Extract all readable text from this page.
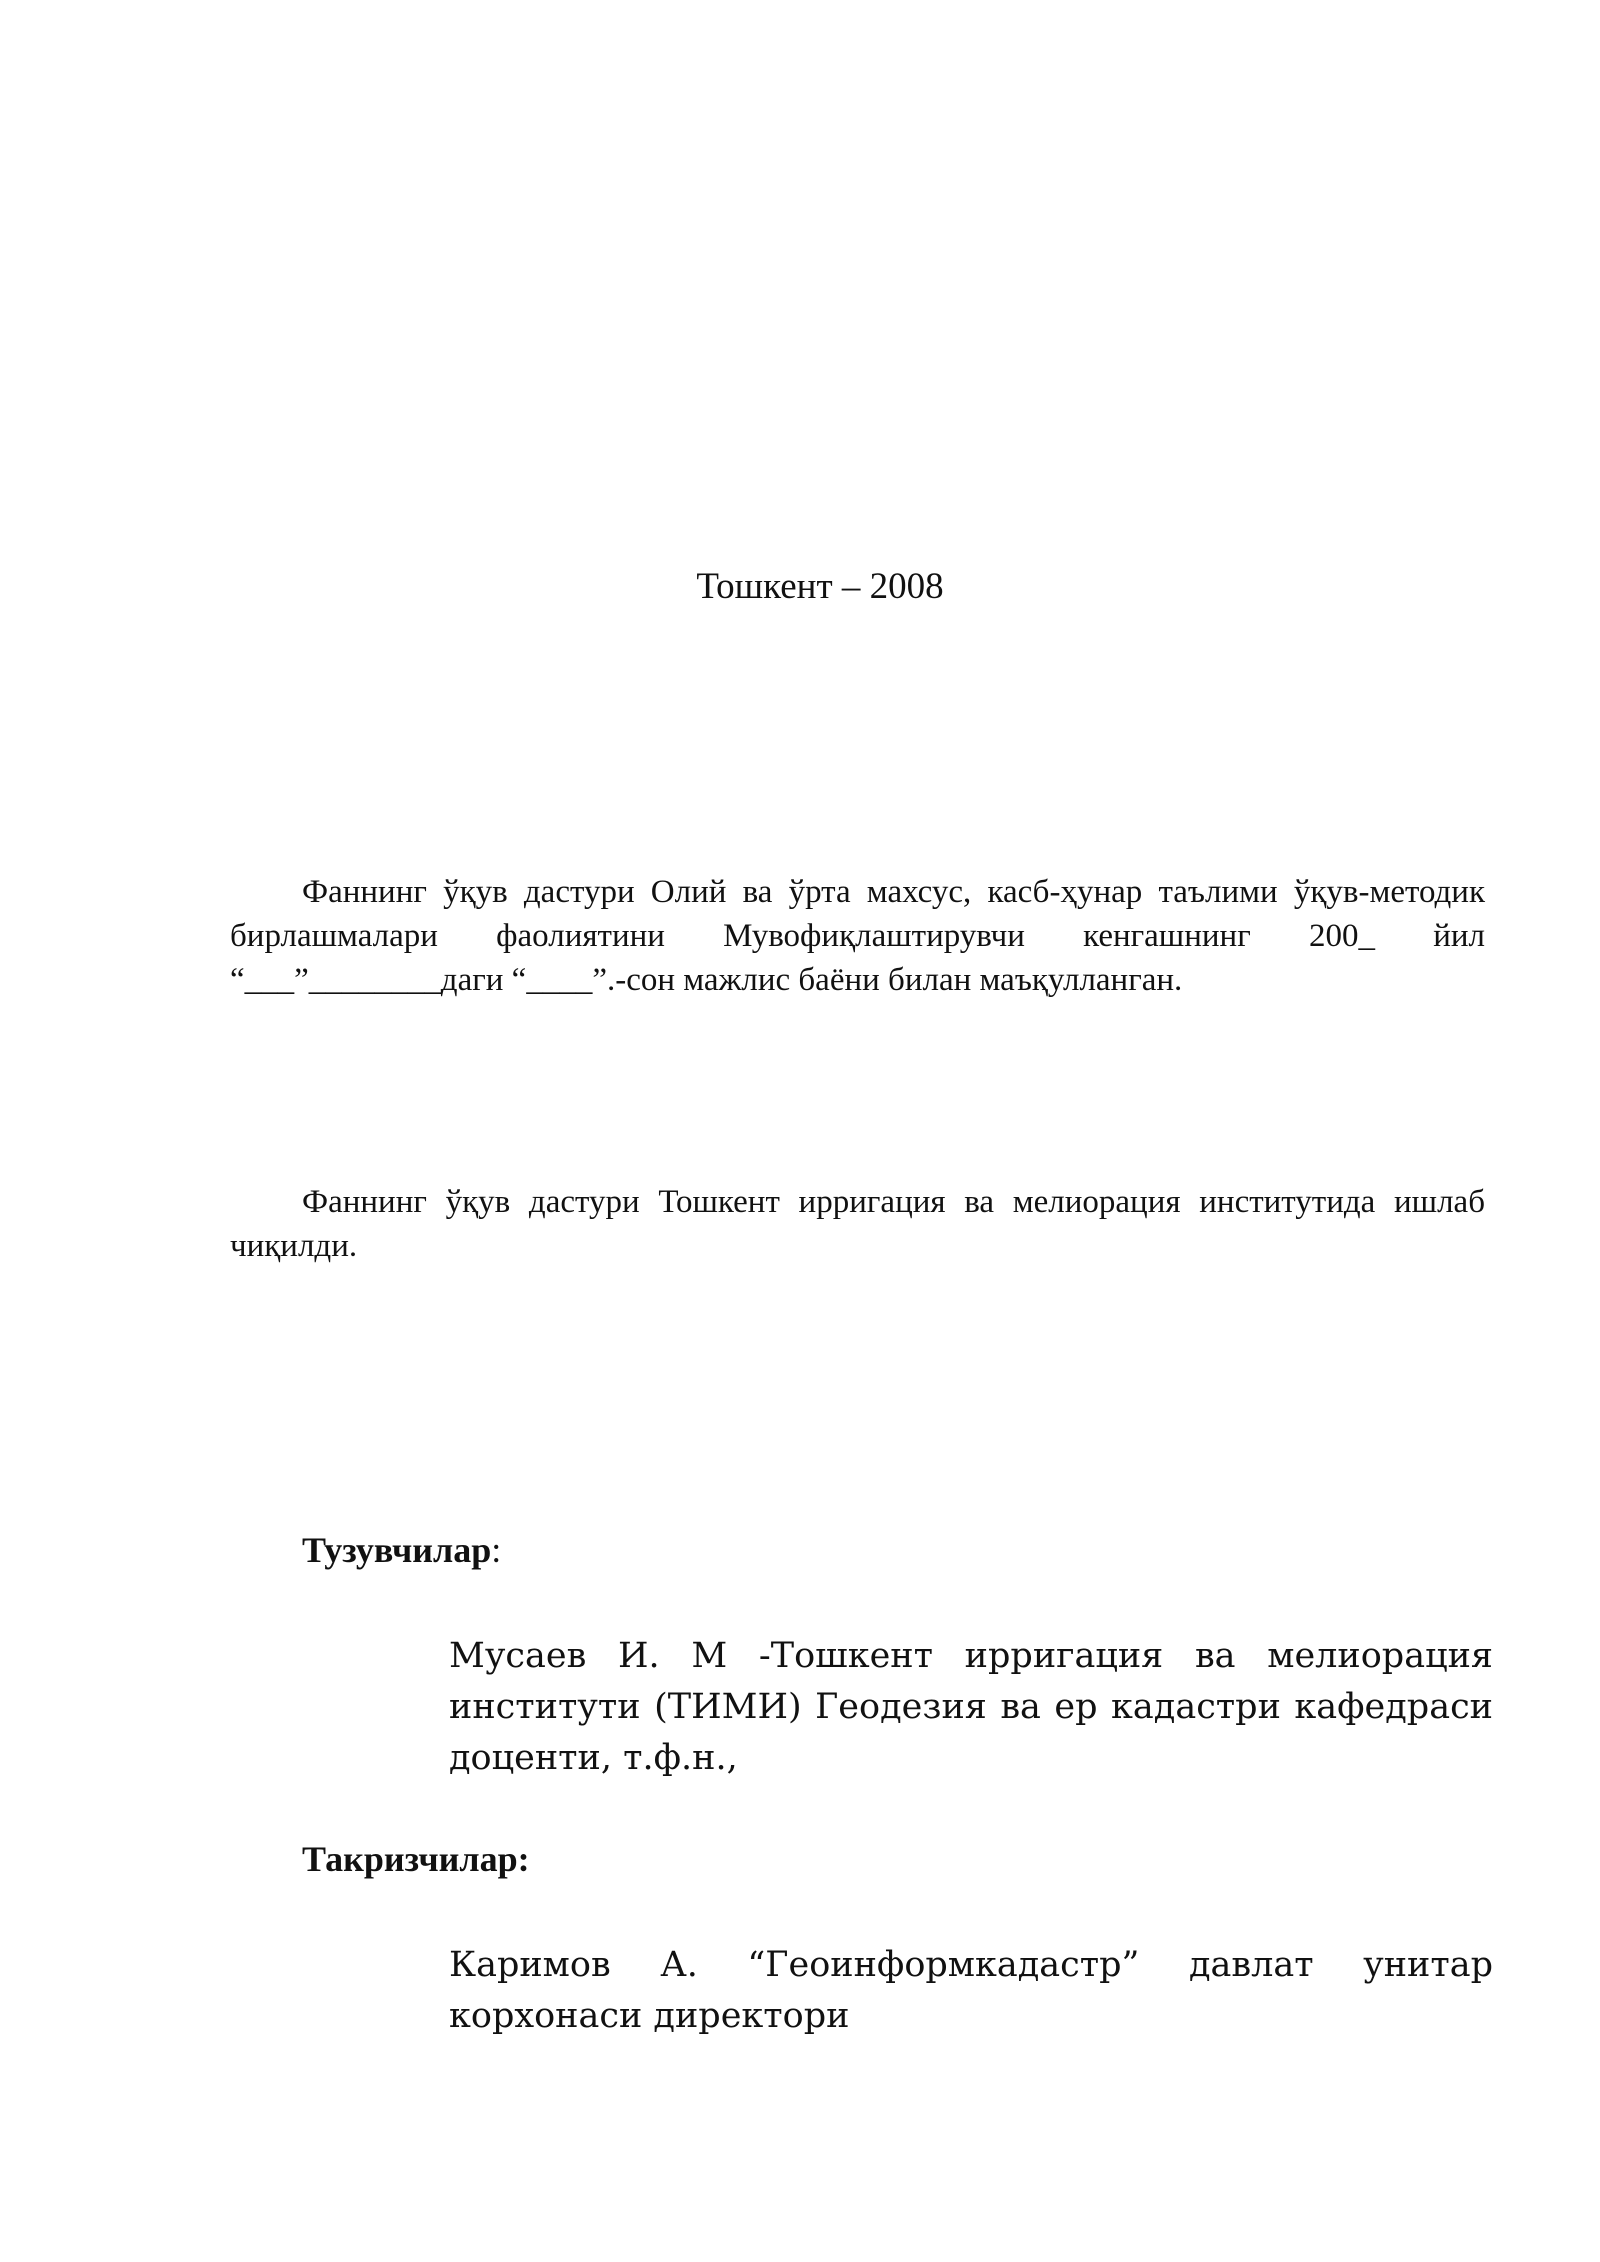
Тошкент – 2008

Фаннинг ўқув дастури Олий ва ўрта махсус, касб-ҳунар таълими ўқув-методик бирлашмалари фаолиятини Мувофиқлаштирувчи кенгашнинг 200_ йил “___”________даги “____”.-сон мажлис баёни билан маъқулланган.

Фаннинг ўқув дастури Тошкент ирригация ва мелиорация институтида ишлаб чиқилди.

Тузувчилар:

Мусаев И. М -Тошкент ирригация ва мелиорация институти (ТИМИ) Геодезия ва ер кадастри кафедраси доценти, т.ф.н.,

Такризчилар:

Каримов А. “Геоинформкадастр” давлат унитар корхонаси директори
